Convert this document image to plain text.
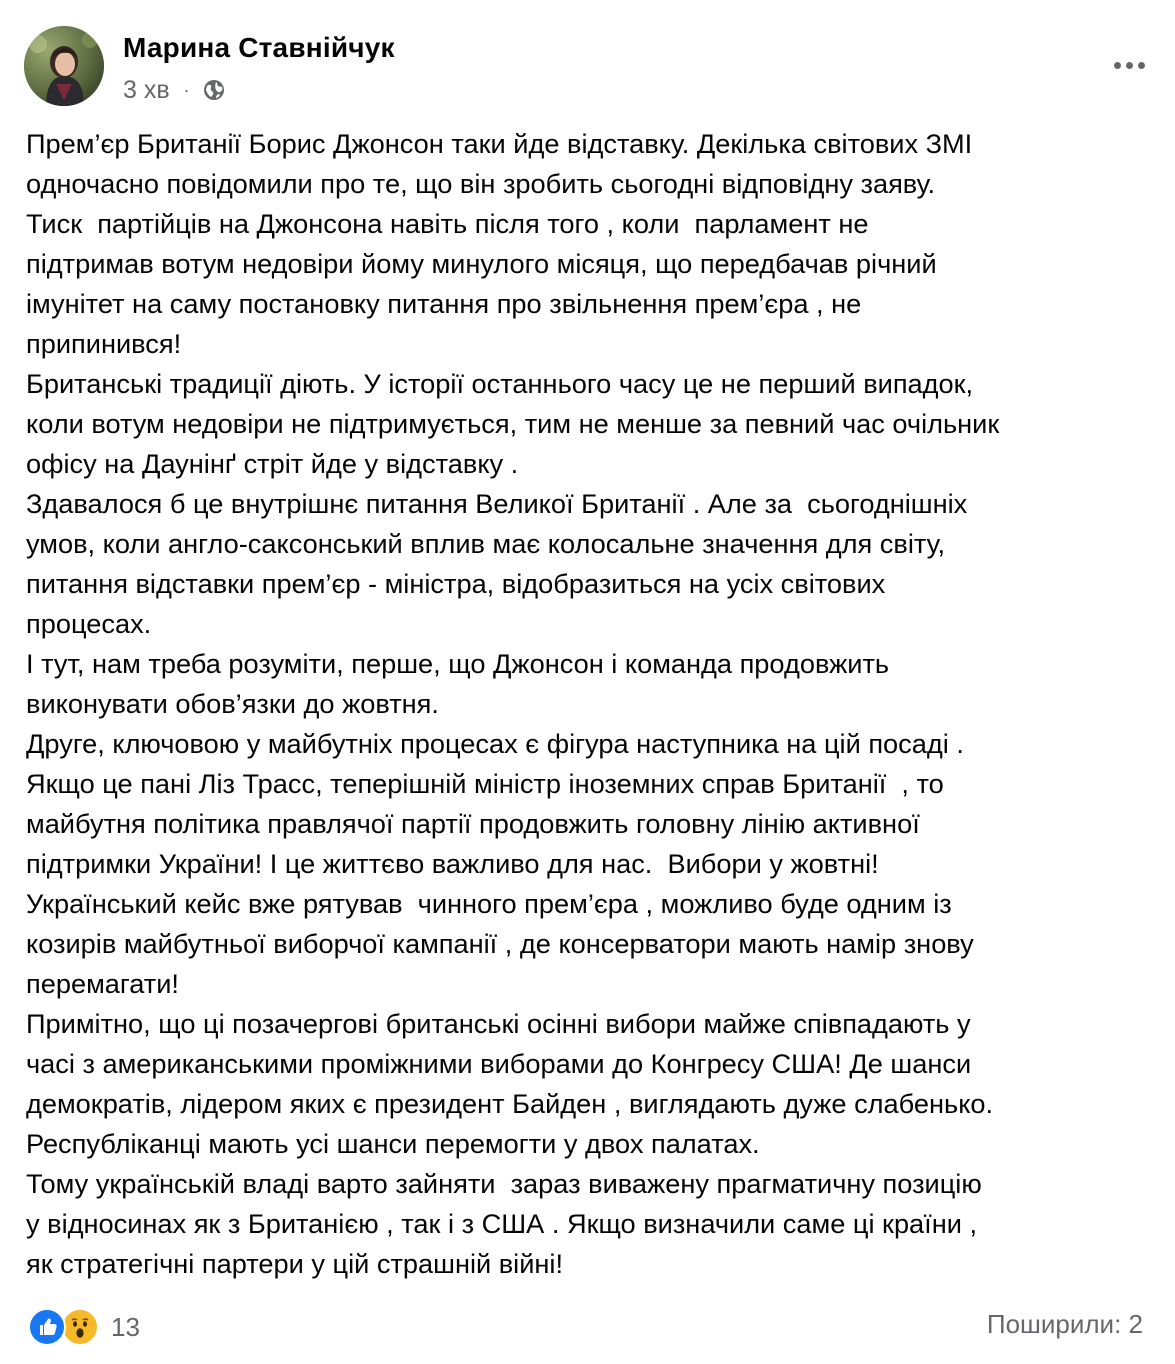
Марина Ставнійчук
3 хв ·
Прем’єр Британії Борис Джонсон таки йде відставку. Декілька світових ЗМІ
одночасно повідомили про те, що він зробить сьогодні відповідну заяву.
Тиск  партійців на Джонсона навіть після того , коли  парламент не
підтримав вотум недовіри йому минулого місяця, що передбачав річний
імунітет на саму постановку питання про звільнення прем’єра , не
припинився!
Британські традиції діють. У історії останнього часу це не перший випадок,
коли вотум недовіри не підтримується, тим не менше за певний час очільник
офісу на Даунінґ стріт йде у відставку .
Здавалося б це внутрішнє питання Великої Британії . Але за  сьогоднішніх
умов, коли англо-саксонський вплив має колосальне значення для світу,
питання відставки прем’єр - міністра, відобразиться на усіх світових
процесах.
І тут, нам треба розуміти, перше, що Джонсон і команда продовжить
виконувати обов’язки до жовтня.
Друге, ключовою у майбутніх процесах є фігура наступника на цій посаді .
Якщо це пані Ліз Трасс, теперішній міністр іноземних справ Британії  , то
майбутня політика правлячої партії продовжить головну лінію активної
підтримки України! І це життєво важливо для нас.  Вибори у жовтні!
Український кейс вже рятував  чинного прем’єра , можливо буде одним із
козирів майбутньої виборчої кампанії , де консерватори мають намір знову
перемагати!
Примітно, що ці позачергові британські осінні вибори майже співпадають у
часі з американськими проміжними виборами до Конгресу США! Де шанси
демократів, лідером яких є президент Байден , виглядають дуже слабенько.
Республіканці мають усі шанси перемогти у двох палатах.
Тому українській владі варто зайняти  зараз виважену прагматичну позицію
у відносинах як з Британією , так і з США . Якщо визначили саме ці країни ,
як стратегічні партери у цій страшній війні!
13	Поширили: 2
